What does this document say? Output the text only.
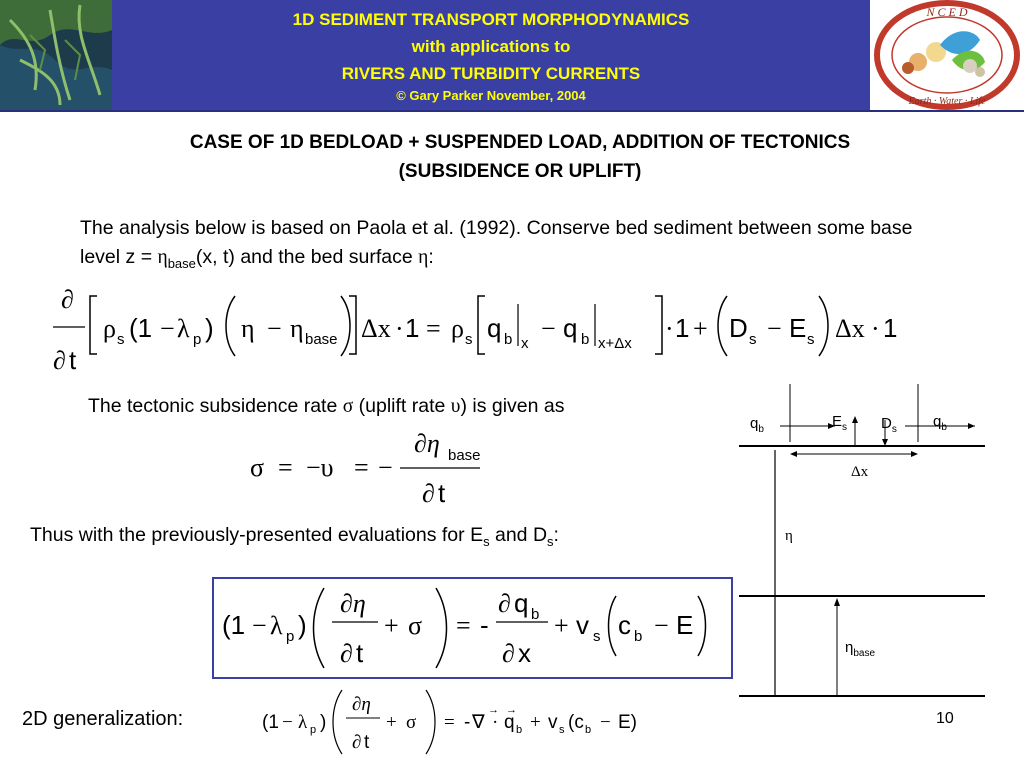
1D SEDIMENT TRANSPORT MORPHODYNAMICS
with applications to
RIVERS AND TURBIDITY CURRENTS
© Gary Parker November, 2004
N C E D
Earth · Water · Life
CASE OF 1D BEDLOAD + SUSPENDED LOAD, ADDITION OF TECTONICS
(SUBSIDENCE OR UPLIFT)
The analysis below is based on Paola et al. (1992). Conserve bed sediment between some base level $z = \eta_{base}(x$, t) and the bed surface η:
∂
∂ t
ρ s (1 − λ p ) η − η base Δx · 1 = ρ s q b x
− q b x+Δx
· 1 + D s − E s Δx · 1
The tectonic subsidence rate σ (uplift rate υ) is given as
σ = −υ = −
∂η base
∂ t
Thus with the previously-presented evaluations for $E_s$ and $D_s$:
(1 − λ p )
∂η
∂ t
+ σ = -
∂ q b
∂ x
+ v s c b − E
2D generalization:	(1 − λ p )
∂η
∂ t
+ σ = - ∇
→
· q
→
b + v s (c b − E)
$q_b$	$E_s$ $D_s$ $q_b$
Δx
η
$\eta_{base}$
10
